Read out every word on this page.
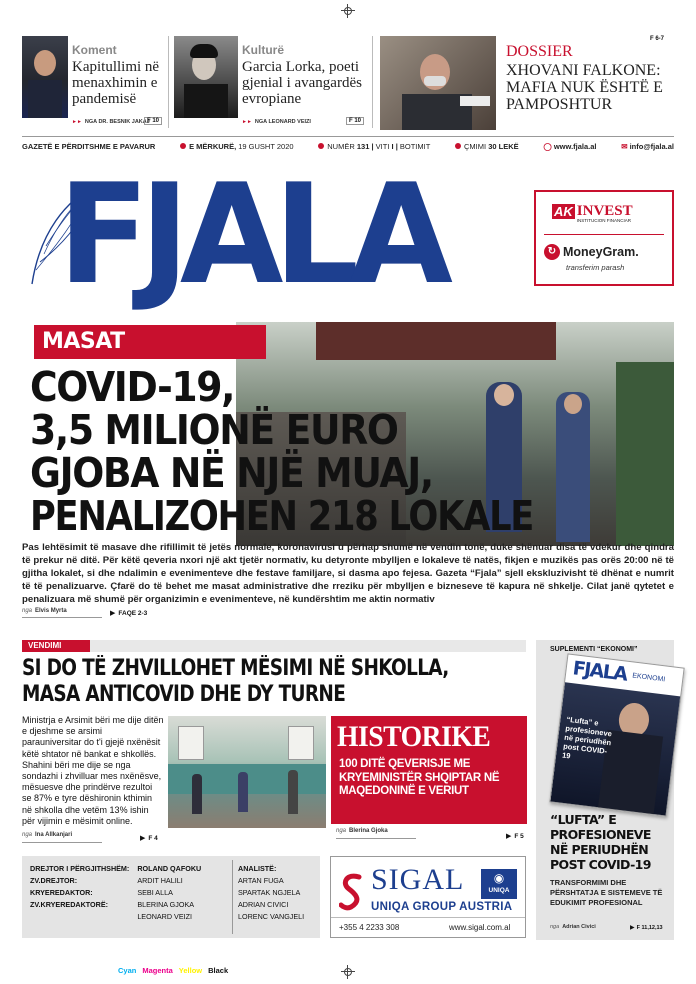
Koment
Kapitullimi në menaxhimin e pandemisë
►► NGA DR. BESNIK JAKAJ
F 10
Kulturë
Garcia Lorka, poeti gjenial i avangardës evropiane
►► NGA LEONARD VEIZI	F 10
DOSSIER
XHOVANI FALKONE: MAFIA NUK ËSHTË E PAMPOSHTUR
F 6-7
GAZETË E PËRDITSHME E PAVARUR	E MËRKURË, 19 GUSHT 2020	NUMËR 131 | VITI I | BOTIMIT	ÇMIMI 30 LEKË	◯ www.fjala.al	✉ info@fjala.al
FJALA	AK INVEST
INSTITUCION FINANCIAR
↻ MoneyGram.
transferim parash
MASAT
COVID-19,
3,5 MILIONË EURO
GJOBA NË NJË MUAJ,
PENALIZOHEN 218 LOKALE
Pas lehtësimit të masave dhe rifillimit të jetës normale, koronavirusi u përhap shumë në vendin tonë, duke shënuar disa të vdekur dhe qindra të prekur në ditë. Për këtë qeveria nxori një akt tjetër normativ, ku detyronte mbylljen e lokaleve të natës, fikjen e muzikës pas orës 20:00 në të gjitha lokalet, si dhe ndalimin e evenimenteve dhe festave familjare, si dasma apo fejesa. Gazeta “Fjala” sjell ekskluzivisht të dhënat e numrit të të penalizuarve. Çfarë do të behet me masat administrative dhe rreziku për mbylljen e bizneseve të kapura në shkelje. Cilat janë qytetet e penalizuara më shumë për organizimin e evenimenteve, në kundërshtim me aktin normativ
nga Elvis Myrta	▶ FAQE 2-3
VENDIMI
SI DO TË ZHVILLOHET MËSIMI NË SHKOLLA,
MASA ANTICOVID DHE DY TURNE
Ministrja e Arsimit bëri me dije ditën e djeshme se arsimi parauniversitar do t'i gjejë nxënësit këtë shtator në bankat e shkollës. Shahini bëri me dije se nga sondazhi i zhvilluar mes nxënësve, mësuesve dhe prindërve rezultoi se 87% e tyre dëshironin kthimin në shkolla dhe vetëm 13% ishin për vijimin e mësimit online.
nga Ina Allkanjari	▶ F 4
HISTORIKE
100 DITË QEVERISJE ME KRYEMINISTËR SHQIPTAR NË MAQEDONINË E VERIUT
nga Blerina Gjoka
▶ F 5
SUPLEMENTI “EKONOMI”
FJALA EKONOMI
“Lufta” e profesioneve në periudhën post COVID-19
“LUFTA” E PROFESIONEVE NË PERIUDHËN POST COVID-19
TRANSFORMIMI DHE PËRSHTATJA E SISTEMEVE TË EDUKIMIT PROFESIONAL
nga Adrian Civici	▶ F 11,12,13
DREJTOR I PËRGJITHSHËM:	ROLAND QAFOKU
ZV.DREJTOR:	ARDIT HALILI
KRYEREDAKTOR:	SEBI ALLA
ZV.KRYEREDAKTORË:	BLERINA GJOKA
	LEONARD VEIZI
ANALISTË:
ARTAN FUGA
SPARTAK NGJELA
ADRIAN CIVICI
LORENC VANGJELI
SIGAL	◉
UNIQA
UNIQA GROUP AUSTRIA
+355 4 2233 308	www.sigal.com.al
Cyan Magenta Yellow Black
